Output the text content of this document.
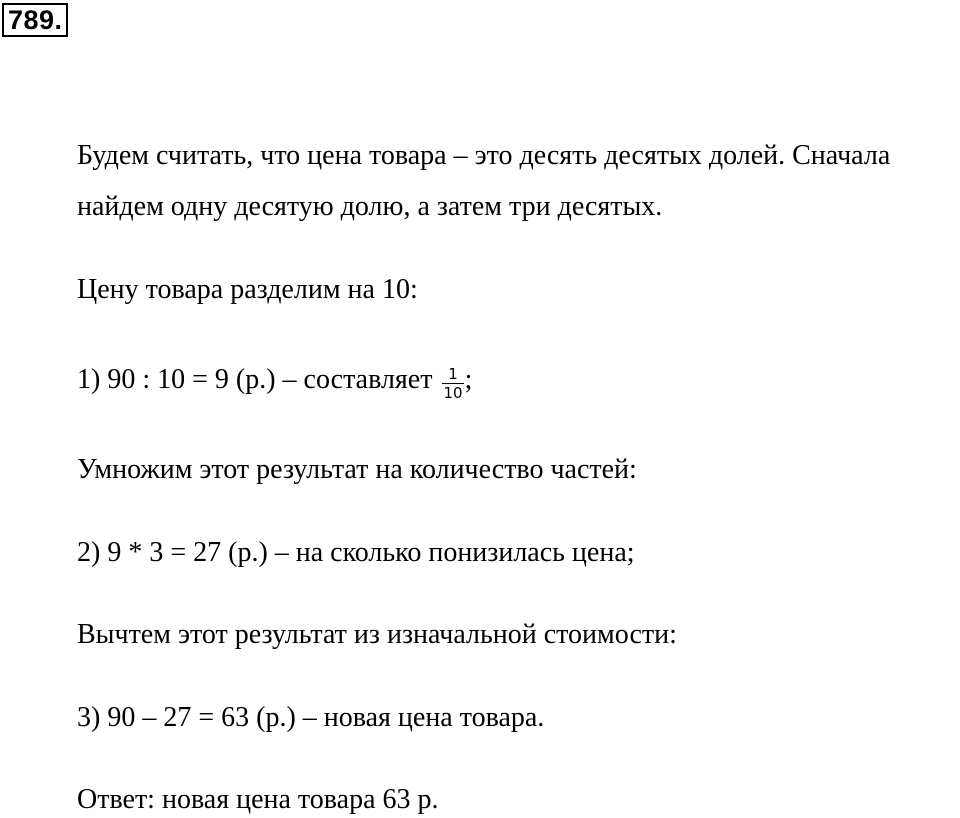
789.
Будем считать, что цена товара – это десять десятых долей. Сначала
найдем одну десятую долю, а затем три десятых.
Цену товара разделим на 10:
1) 90 : 10 = 9 (р.) – составляет $\frac{1}{10}$ ;
Умножим этот результат на количество частей:
2) 9 * 3 = 27 (р.) – на сколько понизилась цена;
Вычтем этот результат из изначальной стоимости:
3) 90 – 27 = 63 (р.) – новая цена товара.
Ответ: новая цена товара 63 р.
